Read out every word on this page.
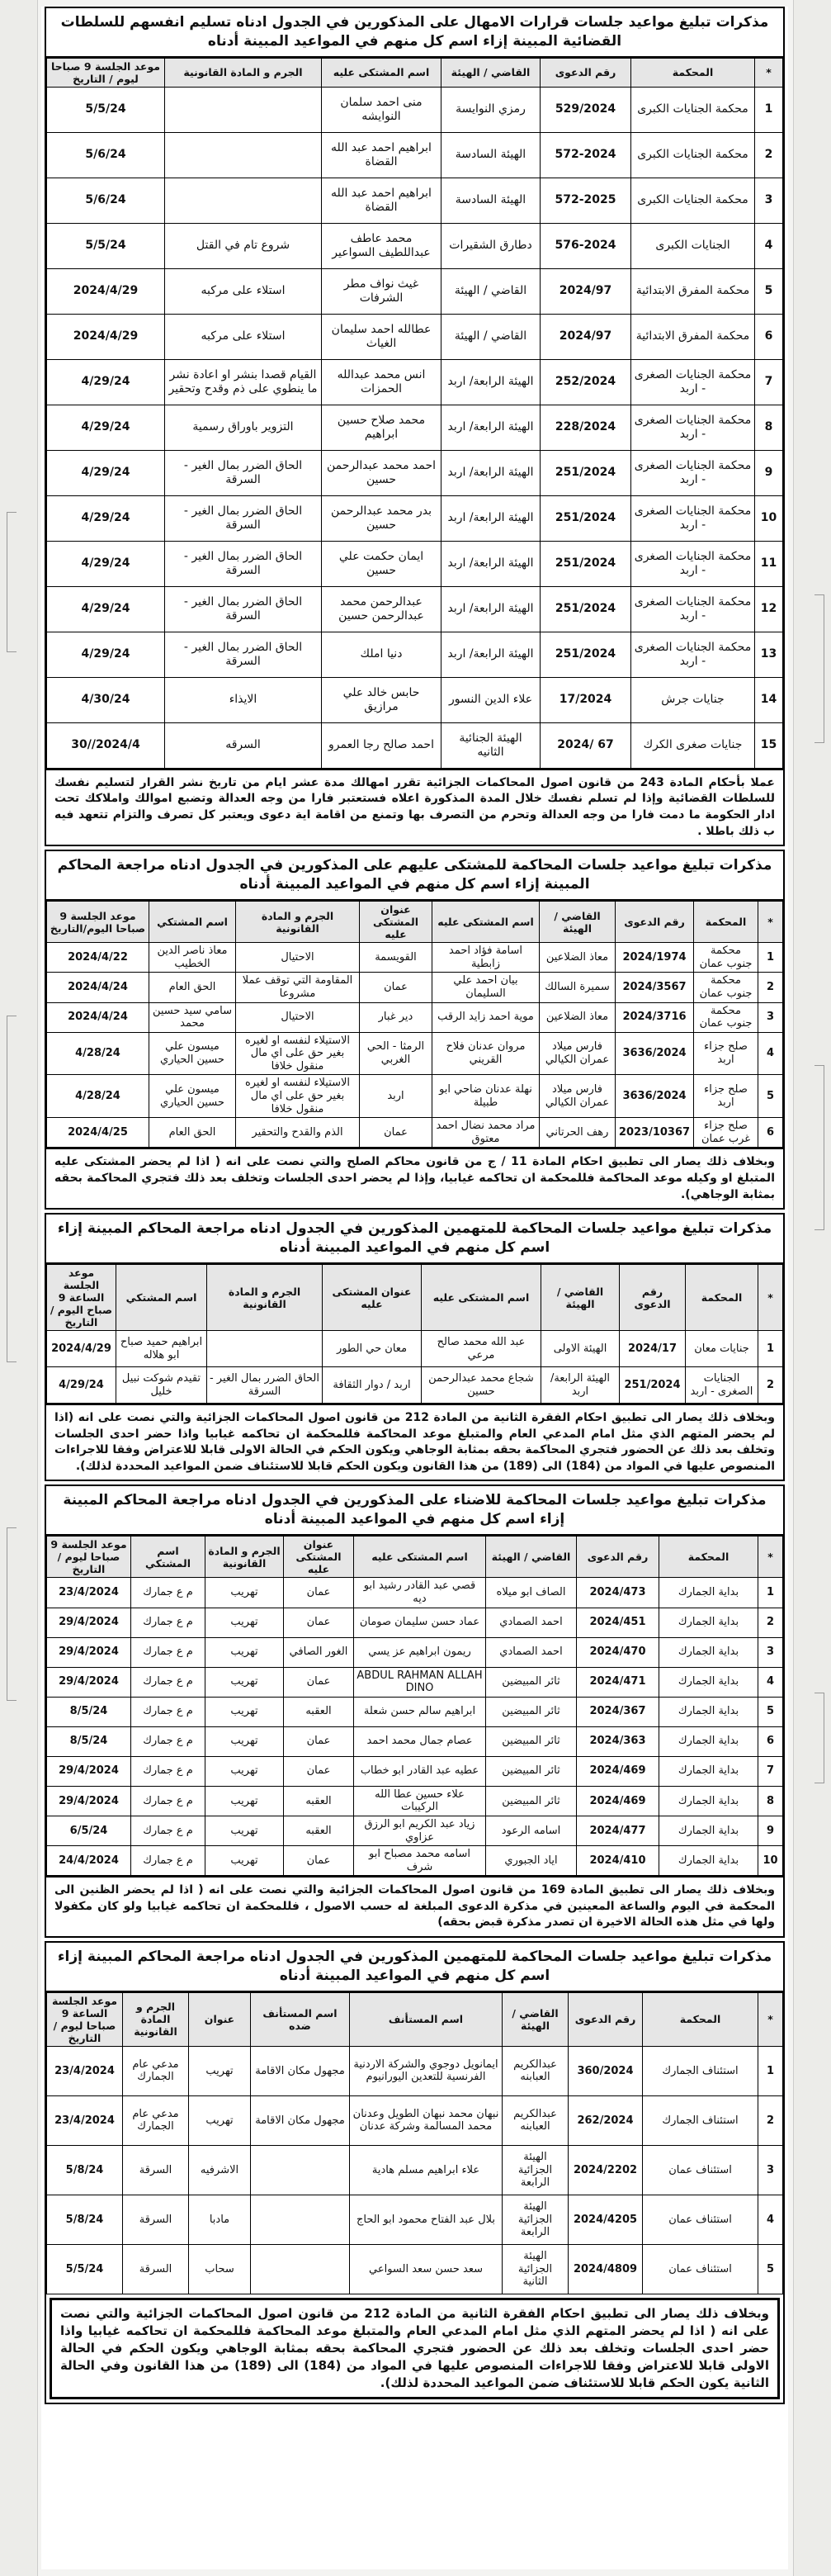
مذكرات تبليغ مواعيد جلسات قرارات الامهال على المذكورين في الجدول ادناه تسليم انفسهم للسلطات القضائية المبينة إزاء اسم كل منهم في المواعيد المبينة أدناه
*	المحكمة	رقم الدعوى	القاضي / الهيئة	اسم المشتكى عليه	الجرم و المادة القانونية	موعد الجلسة 9 صباحا ليوم / التاريخ
1	محكمة الجنايات الكبرى	529/2024	رمزي النوايسة	منى احمد سلمان النوايشه		5/5/24
2	محكمة الجنايات الكبرى	572-2024	الهيئة السادسة	ابراهيم احمد عبد الله القضاة		5/6/24
3	محكمة الجنايات الكبرى	572-2025	الهيئة السادسة	ابراهيم احمد عبد الله القضاة		5/6/24
4	الجنايات الكبرى	576-2024	دطارق الشقيرات	محمد عاطف عبداللطيف السواعير	شروع تام في القتل	5/5/24
5	محكمة المفرق الابتدائية	2024/97	القاضي / الهيئة	غيث نواف مطر الشرفات	استلاء على مركبه	2024/4/29
6	محكمة المفرق الابتدائية	2024/97	القاضي / الهيئة	عطالله احمد سليمان الغياث	استلاء على مركبه	2024/4/29
7	محكمة الجنايات الصغرى - اربد	252/2024	الهيئة الرابعة/ اربد	انس محمد عبدالله الحمزات	القيام قصدا بنشر او اعادة نشر ما ينطوي على ذم وقدح وتحقير	4/29/24
8	محكمة الجنايات الصغرى - اربد	228/2024	الهيئة الرابعة/ اربد	محمد صلاح حسين ابراهيم	التزوير باوراق رسمية	4/29/24
9	محكمة الجنايات الصغرى - اربد	251/2024	الهيئة الرابعة/ اربد	احمد محمد عبدالرحمن حسين	الحاق الضرر بمال الغير - السرقة	4/29/24
10	محكمة الجنايات الصغرى - اربد	251/2024	الهيئة الرابعة/ اربد	بدر محمد عبدالرحمن حسين	الحاق الضرر بمال الغير - السرقة	4/29/24
11	محكمة الجنايات الصغرى - اربد	251/2024	الهيئة الرابعة/ اربد	ايمان حكمت علي حسين	الحاق الضرر بمال الغير - السرقة	4/29/24
12	محكمة الجنايات الصغرى - اربد	251/2024	الهيئة الرابعة/ اربد	عبدالرحمن محمد عبدالرحمن حسين	الحاق الضرر بمال الغير - السرقة	4/29/24
13	محكمة الجنايات الصغرى - اربد	251/2024	الهيئة الرابعة/ اربد	دنيا املك	الحاق الضرر بمال الغير - السرقة	4/29/24
14	جنايات جرش	17/2024	علاء الدين النسور	حابس خالد علي مرازيق	الايذاء	4/30/24
15	جنايات صغرى الكرك	67 /2024	الهيئة الجنائية الثانيه	احمد صالح رجا العمرو	السرقه	2024/4//30
عملا بأحكام المادة 243 من قانون اصول المحاكمات الجزائية تقرر امهالك مدة عشر ايام من تاريخ نشر القرار لتسليم نفسك للسلطات القضائية وإذا لم تسلم نفسك خلال المدة المذكورة اعلاه فستعتبر فارا من وجه العدالة وتضبع اموالك واملاكك تحت ادار الحكومة ما دمت فارا من وجه العدالة وتحرم من التصرف بها وتمنع من اقامة اية دعوى ويعتبر كل تصرف والتزام تتعهد فيه ب ذلك باطلا .
مذكرات تبليغ مواعيد جلسات المحاكمة للمشتكى عليهم على المذكورين في الجدول ادناه مراجعة المحاكم المبينة إزاء اسم كل منهم في المواعيد المبينة أدناه
*	المحكمة	رقم الدعوى	القاضي / الهيئة	اسم المشتكى عليه	عنوان المشتكى عليه	الجرم و المادة القانونية	اسم المشتكي	موعد الجلسة 9 صباحا اليوم/التاريخ
1	محكمة جنوب عمان	2024/1974	معاذ الضلاعين	اسامة فؤاد احمد زابطية	القويسمة	الاحتيال	معاذ ناصر الدين الخطيب	2024/4/22
2	محكمة جنوب عمان	2024/3567	سميرة السالك	بيان احمد علي السليمان	عمان	المقاومة التي توقف عملا مشروعا	الحق العام	2024/4/24
3	محكمة جنوب عمان	2024/3716	معاذ الضلاعين	موية احمد زايد الرقب	دير غبار	الاحتيال	سامي سيد حسين محمد	2024/4/24
4	صلح جزاء اربد	3636/2024	فارس ميلاد عمران الكيالي	مروان عدنان فلاح القريني	الرمثا - الحي الغربي	الاستيلاء لنفسه او لغيره بغير حق على اي مال منقول خلافا	ميسون علي حسين الحياري	4/28/24
5	صلح جزاء اربد	3636/2024	فارس ميلاد عمران الكيالي	نهلة عدنان ضاحي ابو طبيلة	اربد	الاستيلاء لنفسه او لغيره بغير حق على اي مال منقول خلافا	ميسون علي حسين الحياري	4/28/24
6	صلح جزاء غرب عمان	2023/10367	رهف الحرتاني	مراد محمد نضال احمد معتوق	عمان	الذم والقدح والتحقير	الحق العام	2024/4/25
وبخلاف ذلك يصار الى تطبيق احكام المادة 11 / ج من قانون محاكم الصلح والتي نصت على انه ( اذا لم يحضر المشتكى عليه المتبلغ او وكيله موعد المحاكمة فللمحكمة ان تحاكمه غيابيا، وإذا لم يحضر احدى الجلسات وتخلف بعد ذلك فتجري المحاكمة بحقه بمثابة الوجاهي).
مذكرات تبليغ مواعيد جلسات المحاكمة للمتهمين المذكورين في الجدول ادناه مراجعة المحاكم المبينة إزاء اسم كل منهم في المواعيد المبينة أدناه
*	المحكمة	رقم الدعوى	القاضي / الهيئة	اسم المشتكى عليه	عنوان المشتكى عليه	الجرم و المادة القانونية	اسم المشتكي	موعد الجلسة الساعة 9 صباح اليوم / التاريخ
1	جنايات معان	2024/17	الهيئة الاولى	عبد الله محمد صالح مرعي	معان حي الطور		ابراهيم حميد صباح ابو هلاله	2024/4/29
2	الجنايات الصغرى - اربد	251/2024	الهيئة الرابعة/ اربد	شجاع محمد عبدالرحمن حسين	اربد / دوار الثقافة	الحاق الضرر بمال الغير - السرقة	تقيدم شوكت نبيل خليل	4/29/24
وبخلاف ذلك يصار الى تطبيق احكام الفقرة الثانية من المادة 212 من قانون اصول المحاكمات الجزائية والتي نصت على انه (اذا لم يحضر المتهم الذي مثل امام المدعي العام والمتبلغ موعد المحاكمة فللمحكمة ان تحاكمه غيابيا واذا حضر احدى الجلسات وتخلف بعد ذلك عن الحضور فتجري المحاكمة بحقه بمثابة الوجاهي ويكون الحكم في الحالة الاولى قابلا للاعتراض وفقا للاجراءات المنصوص عليها في المواد من (184) الى (189) من هذا القانون ويكون الحكم قابلا للاستئناف ضمن المواعيد المحددة لذلك).
مذكرات تبليغ مواعيد جلسات المحاكمة للاضناء على المذكورين في الجدول ادناه مراجعة المحاكم المبينة إزاء اسم كل منهم في المواعيد المبينة أدناه
*	المحكمة	رقم الدعوى	القاضي / الهيئة	اسم المشتكى عليه	عنوان المشتكى عليه	الجرم و المادة القانونية	اسم المشتكي	موعد الجلسة 9 صباحا ليوم / التاريخ
1	بداية الجمارك	2024/473	الصاف ابو ميلاه	قصي عبد القادر رشيد ابو ديه	عمان	تهريب	م ع جمارك	23/4/2024
2	بداية الجمارك	2024/451	احمد الصمادي	عماد حسن سليمان صومان	عمان	تهريب	م ع جمارك	29/4/2024
3	بداية الجمارك	2024/470	احمد الصمادي	ريمون ابراهيم عز يسي	الغور الصافي	تهريب	م ع جمارك	29/4/2024
4	بداية الجمارك	2024/471	ثائر المبيضين	ABDUL RAHMAN ALLAH DINO	عمان	تهريب	م ع جمارك	29/4/2024
5	بداية الجمارك	2024/367	ثائر المبيضين	ابراهيم سالم حسن شعلة	العقبه	تهريب	م ع جمارك	8/5/24
6	بداية الجمارك	2024/363	ثائر المبيضين	عصام جمال محمد احمد	عمان	تهريب	م ع جمارك	8/5/24
7	بداية الجمارك	2024/469	ثائر المبيضين	عطيه عبد القادر ابو خطاب	عمان	تهريب	م ع جمارك	29/4/2024
8	بداية الجمارك	2024/469	ثائر المبيضين	علاء حسين عطا الله الركيبات	العقبه	تهريب	م ع جمارك	29/4/2024
9	بداية الجمارك	2024/477	اسامه الرعود	زياد عبد الكريم ابو الرزق عزاوي	العقبه	تهريب	م ع جمارك	6/5/24
10	بداية الجمارك	2024/410	اياد الجبوري	اسامه محمد مصباح ابو شرف	عمان	تهريب	م ع جمارك	24/4/2024
وبخلاف ذلك يصار الى تطبيق المادة 169 من قانون اصول المحاكمات الجزائية والتي نصت على انه ( اذا لم يحضر الظنين الى المحكمة في اليوم والساعة المعينين في مذكرة الدعوى المبلغة له حسب الاصول ، فللمحكمة ان تحاكمه غيابيا ولو كان مكفولا ولها في مثل هذه الحالة الاخيرة ان تصدر مذكرة قبض بحقه)
مذكرات تبليغ مواعيد جلسات المحاكمة للمتهمين المذكورين في الجدول ادناه مراجعة المحاكم المبينة إزاء اسم كل منهم في المواعيد المبينة أدناه
*	المحكمة	رقم الدعوى	القاضي / الهيئة	اسم المستأنف	اسم المستأنف ضده	عنوان	الجرم و المادة القانونية	موعد الجلسة الساعة 9 صباحا ليوم / التاريخ
1	استئناف الجمارك	360/2024	عبدالكريم العبابنه	ايمانويل دوجوي والشركة الاردنية الفرنسية للتعدين اليورانيوم	مجهول مكان الاقامة	تهريب	مدعي عام الجمارك	23/4/2024
2	استئناف الجمارك	262/2024	عبدالكريم العبابنه	نبهان محمد نبهان الطويل وعدنان محمد المسالمة وشركة عدنان	مجهول مكان الاقامة	تهريب	مدعي عام الجمارك	23/4/2024
3	استئناف عمان	2024/2202	الهيئة الجزائية الرابعة	علاء ابراهيم مسلم هادية		الاشرفيه	السرقة	5/8/24
4	استئناف عمان	2024/4205	الهيئة الجزائية الرابعة	بلال عبد الفتاح محمود ابو الحاج		مادبا	السرقة	5/8/24
5	استئناف عمان	2024/4809	الهيئة الجزائية الثانية	سعد حسن سعد السواعي		سحاب	السرقة	5/5/24
وبخلاف ذلك يصار الى تطبيق احكام الفقرة الثانية من المادة 212 من قانون اصول المحاكمات الجزائية والتي نصت على انه ( اذا لم يحضر المتهم الذي مثل امام المدعي العام والمتبلغ موعد المحاكمة فللمحكمة ان تحاكمه غيابيا واذا حضر احدى الجلسات وتخلف بعد ذلك عن الحضور فتجري المحاكمة بحقه بمثابة الوجاهي ويكون الحكم في الحالة الاولى قابلا للاعتراض وفقا للاجراءات المنصوص عليها في المواد من (184) الى (189) من هذا القانون وفي الحالة الثانية يكون الحكم قابلا للاستئناف ضمن المواعيد المحددة لذلك).
